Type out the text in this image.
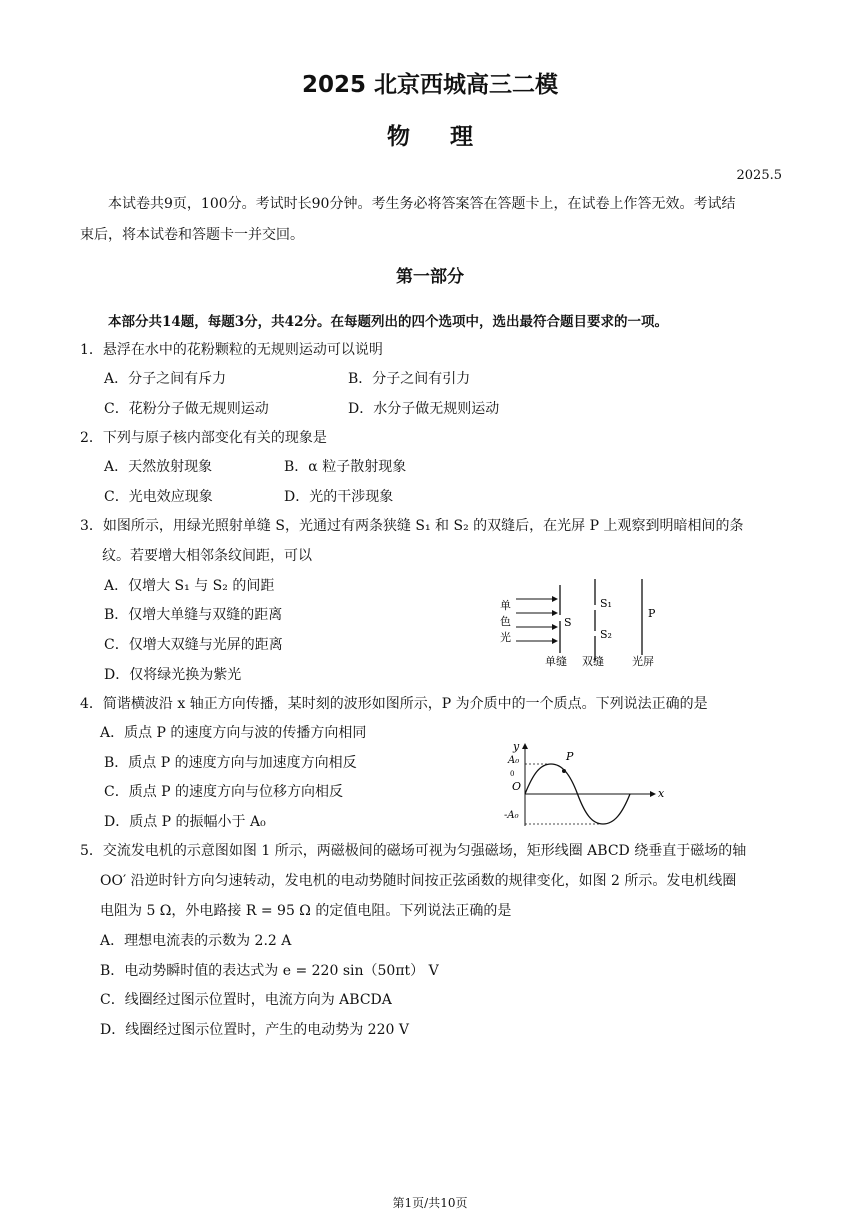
2025 北京西城高三二模
物理
2025.5
本试卷共9页，100分。考试时长90分钟。考生务必将答案答在答题卡上，在试卷上作答无效。考试结
束后，将本试卷和答题卡一并交回。
第一部分
本部分共14题，每题3分，共42分。在每题列出的四个选项中，选出最符合题目要求的一项。
1．悬浮在水中的花粉颗粒的无规则运动可以说明
A．分子之间有斥力	B．分子之间有引力
C．花粉分子做无规则运动	D．水分子做无规则运动
2．下列与原子核内部变化有关的现象是
A．天然放射现象	B．α 粒子散射现象
C．光电效应现象	D．光的干涉现象
3．如图所示，用绿光照射单缝 S，光通过有两条狭缝 S₁ 和 S₂ 的双缝后，在光屏 P 上观察到明暗相间的条
纹。若要增大相邻条纹间距，可以
A．仅增大 S₁ 与 S₂ 的间距
B．仅增大单缝与双缝的距离
C．仅增大双缝与光屏的距离
D．仅将绿光换为紫光
单
色
光
S
S₁
S₂
P
单缝 双缝	光屏
4．简谐横波沿 x 轴正方向传播，某时刻的波形如图所示，P 为介质中的一个质点。下列说法正确的是
A．质点 P 的速度方向与波的传播方向相同
B．质点 P 的速度方向与加速度方向相反
C．质点 P 的速度方向与位移方向相反
D．质点 P 的振幅小于 A₀
y
x
O
A₀
0
-A₀
P
5．交流发电机的示意图如图 1 所示，两磁极间的磁场可视为匀强磁场，矩形线圈 ABCD 绕垂直于磁场的轴
OO′ 沿逆时针方向匀速转动，发电机的电动势随时间按正弦函数的规律变化，如图 2 所示。发电机线圈
电阻为 5 Ω，外电路接 R = 95 Ω 的定值电阻。下列说法正确的是
A．理想电流表的示数为 2.2 A
B．电动势瞬时值的表达式为 e = 220 sin（50πt） V
C．线圈经过图示位置时，电流方向为 ABCDA
D．线圈经过图示位置时，产生的电动势为 220 V
第1页/共10页
